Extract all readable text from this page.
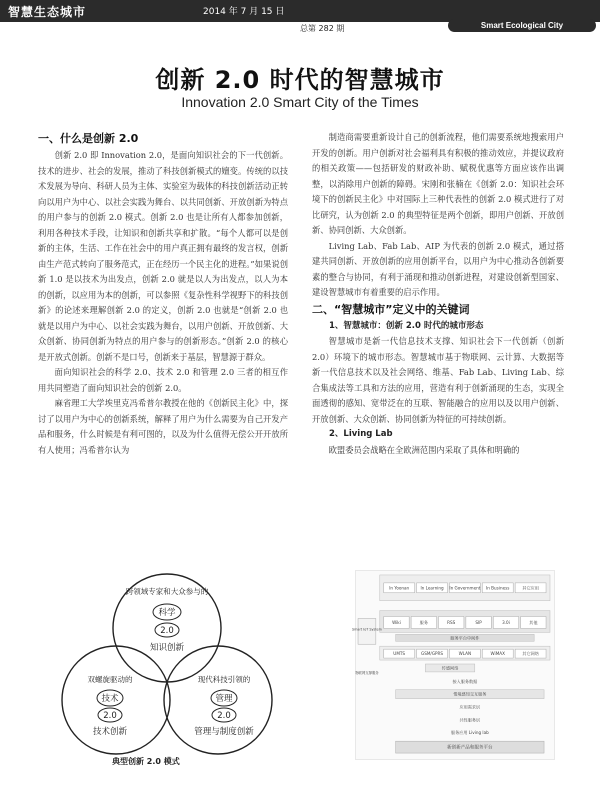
智慧生态城市	2014 年 7 月 15 日
总第 282 期	Smart Ecological City
创新 2.0 时代的智慧城市
Innovation 2.0 Smart City of the Times

一、什么是创新 2.0

创新 2.0 即 Innovation 2.0，是面向知识社会的下一代创新。技术的进步、社会的发展，推动了科技创新模式的嬗变。传统的以技术发展为导向、科研人员为主体、实验室为载体的科技创新活动正转向以用户为中心、以社会实践为舞台、以共同创新、开放创新为特点的用户参与的创新 2.0 模式。创新 2.0 也是让所有人都参加创新，利用各种技术手段，让知识和创新共享和扩散。“每个人都可以是创新的主体，生活、工作在社会中的用户真正拥有最终的发言权，创新由生产范式转向了服务范式，正在经历一个民主化的进程。”如果说创新 1.0 是以技术为出发点，创新 2.0 就是以人为出发点，以人为本的创新，以应用为本的创新，可以参照《复杂性科学视野下的科技创新》的论述来理解创新 2.0 的定义，创新 2.0 也就是“创新 2.0 也就是以用户为中心、以社会实践为舞台，以用户创新、开放创新、大众创新、协同创新为特点的用户参与的创新形态。”创新 2.0 的核心是开放式创新。创新不是口号，创新来于基层，智慧源于群众。

面向知识社会的科学 2.0、技术 2.0 和管理 2.0 三者的相互作用共同塑造了面向知识社会的创新 2.0。

麻省理工大学埃里克冯希普尔教授在他的《创新民主化》中，探讨了以用户为中心的创新系统，解释了用户为什么需要为自己开发产品和服务，什么时候是有利可图的，以及为什么值得无偿公开开放所有人使用；冯希普尔认为

跨领域专家和大众参与的
科学
2.0
知识创新
双螺旋驱动的
技术
2.0
技术创新
现代科技引领的
管理
2.0
管理与制度创新
典型创新 2.0 模式

制造商需要重新设计自己的创新流程，他们需要系统地搜索用户开发的创新。用户创新对社会福利具有积极的推动效应，并提议政府的相关政策——包括研发的财政补助、赋税优惠等方面应该作出调整，以消除用户创新的障碍。宋刚和张楠在《创新 2.0：知识社会环境下的创新民主化》中对国际上三种代表性的创新 2.0 模式进行了对比研究，认为创新 2.0 的典型特征是两个创新，即用户创新、开放创新、协同创新、大众创新。

Living Lab、Fab Lab、AIP 为代表的创新 2.0 模式，通过搭建共同创新、开放创新的应用创新平台，以用户为中心推动各创新要素的整合与协同，有利于涌现和推动创新进程，对建设创新型国家、建设智慧城市有着重要的启示作用。

二、“智慧城市”定义中的关键词

1、智慧城市：创新 2.0 时代的城市形态

智慧城市是新一代信息技术支撑、知识社会下一代创新（创新 2.0）环境下的城市形态。智慧城市基于物联网、云计算、大数据等新一代信息技术以及社会网络、维基、Fab Lab、Living Lab、综合集成法等工具和方法的应用，营造有利于创新涌现的生态，实现全面透彻的感知、宽带泛在的互联、智能融合的应用以及以用户创新、开放创新、大众创新、协同创新为特征的可持续创新。

2、Living Lab

欧盟委员会战略在全欧洲范围内采取了具体和明确的

In Yoonan	In Learning In Government In Business	其它应用
Wiki	服务	RSS	SIP	3.0i	其他
服务平台中间件
UMTS	GSM/GPRS	WLAN	WiMAX	其它网络
Smart IoT System
物联网支撑服务
传感网络
接入服务数据
情境感知交互服务
应用需求层
共性服务层
服务应用 Living lab
新创新产品和服务平台
